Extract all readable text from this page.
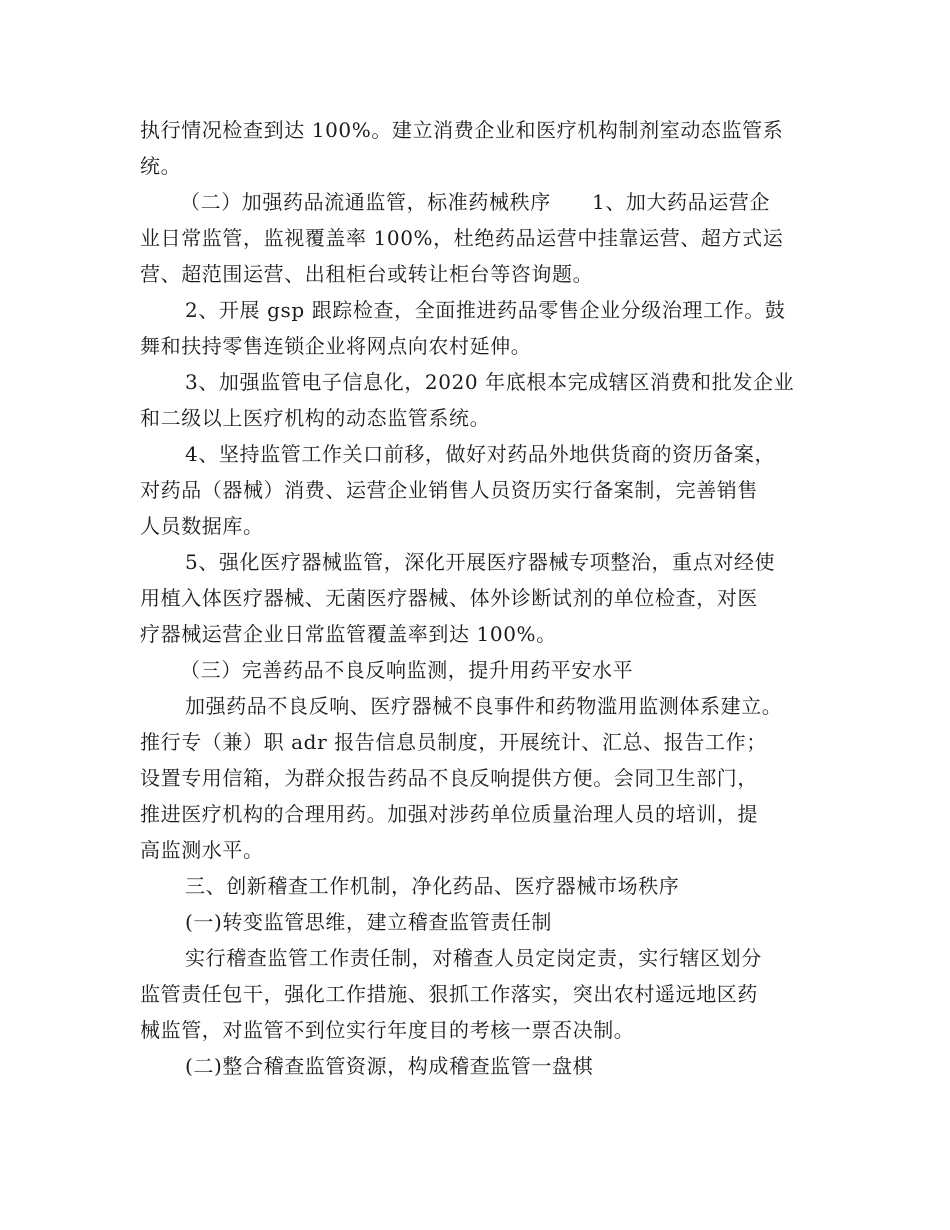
执行情况检查到达 100%。建立消费企业和医疗机构制剂室动态监管系

统。

（二）加强药品流通监管，标准药械秩序　　1、加大药品运营企

业日常监管，监视覆盖率 100%，杜绝药品运营中挂靠运营、超方式运

营、超范围运营、出租柜台或转让柜台等咨询题。

2、开展 gsp 跟踪检查，全面推进药品零售企业分级治理工作。鼓

舞和扶持零售连锁企业将网点向农村延伸。

3、加强监管电子信息化，2020 年底根本完成辖区消费和批发企业

和二级以上医疗机构的动态监管系统。

4、坚持监管工作关口前移，做好对药品外地供货商的资历备案，

对药品（器械）消费、运营企业销售人员资历实行备案制，完善销售

人员数据库。

5、强化医疗器械监管，深化开展医疗器械专项整治，重点对经使

用植入体医疗器械、无菌医疗器械、体外诊断试剂的单位检查，对医

疗器械运营企业日常监管覆盖率到达 100%。

（三）完善药品不良反响监测，提升用药平安水平

加强药品不良反响、医疗器械不良事件和药物滥用监测体系建立。

推行专（兼）职 adr 报告信息员制度，开展统计、汇总、报告工作；

设置专用信箱，为群众报告药品不良反响提供方便。会同卫生部门，

推进医疗机构的合理用药。加强对涉药单位质量治理人员的培训，提

高监测水平。

三、创新稽查工作机制，净化药品、医疗器械市场秩序

(一)转变监管思维，建立稽查监管责任制

实行稽查监管工作责任制，对稽查人员定岗定责，实行辖区划分

监管责任包干，强化工作措施、狠抓工作落实，突出农村遥远地区药

械监管，对监管不到位实行年度目的考核一票否决制。

(二)整合稽查监管资源，构成稽查监管一盘棋
